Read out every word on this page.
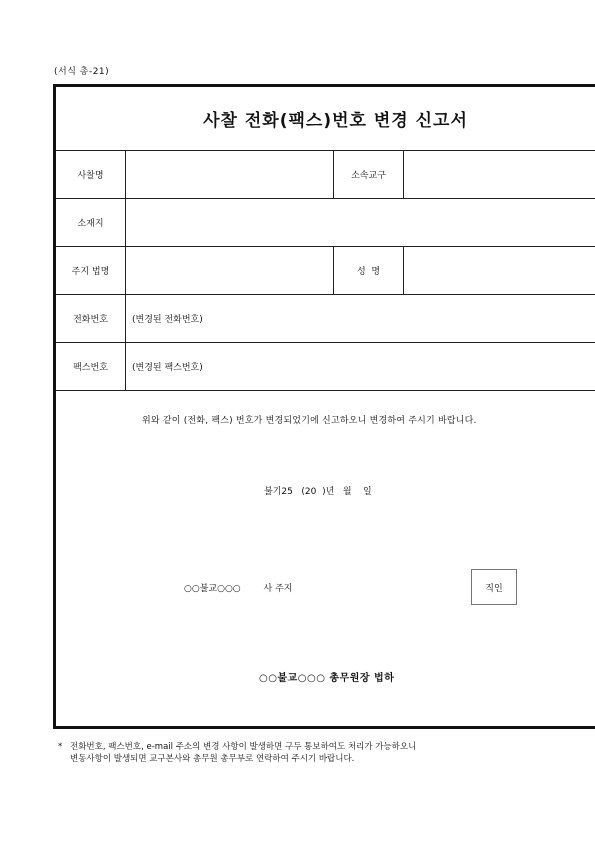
(서식 총-21)
사찰 전화(팩스)번호 변경 신고서
사찰명	소속교구
소재지
주지 법명	성  명
전화번호	(변경된 전화번호)
팩스번호	(변경된 팩스번호)
위와 같이 (전화, 팩스) 번호가 변경되었기에 신고하오니 변경하여 주시기 바랍니다.
불기25   (20  )년   월    일
○○불교○○○        사 주지	직인
○○불교○○○ 총무원장 법하
* 전화번호, 팩스번호, e-mail 주소의 변경 사항이 발생하면 구두 통보하여도 처리가 가능하오니
변동사항이 발생되면 교구본사와 총무원 총무부로 연락하여 주시기 바랍니다.
